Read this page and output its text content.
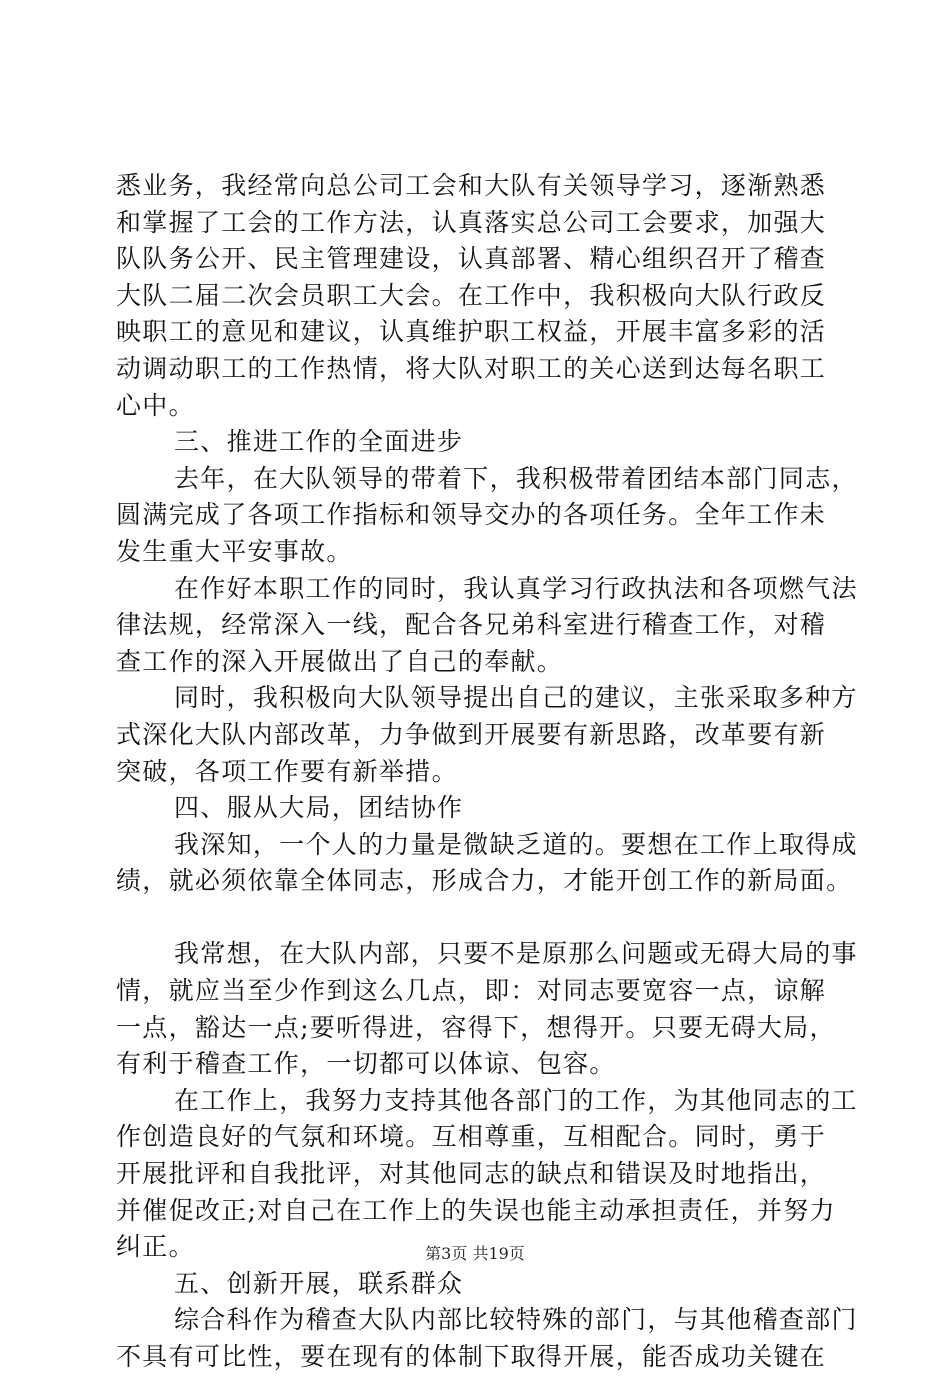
悉业务，我经常向总公司工会和大队有关领导学习，逐渐熟悉
和掌握了工会的工作方法，认真落实总公司工会要求，加强大
队队务公开、民主管理建设，认真部署、精心组织召开了稽查
大队二届二次会员职工大会。在工作中，我积极向大队行政反
映职工的意见和建议，认真维护职工权益，开展丰富多彩的活
动调动职工的工作热情，将大队对职工的关心送到达每名职工
心中。
三、推进工作的全面进步
去年，在大队领导的带着下，我积极带着团结本部门同志，
圆满完成了各项工作指标和领导交办的各项任务。全年工作未
发生重大平安事故。
在作好本职工作的同时，我认真学习行政执法和各项燃气法
律法规，经常深入一线，配合各兄弟科室进行稽查工作，对稽
查工作的深入开展做出了自己的奉献。
同时，我积极向大队领导提出自己的建议，主张采取多种方
式深化大队内部改革，力争做到开展要有新思路，改革要有新
突破，各项工作要有新举措。
四、服从大局，团结协作
我深知，一个人的力量是微缺乏道的。要想在工作上取得成
绩，就必须依靠全体同志，形成合力，才能开创工作的新局面。
我常想，在大队内部，只要不是原那么问题或无碍大局的事
情，就应当至少作到这么几点，即：对同志要宽容一点，谅解
一点，豁达一点;要听得进，容得下，想得开。只要无碍大局，
有利于稽查工作，一切都可以体谅、包容。
在工作上，我努力支持其他各部门的工作，为其他同志的工
作创造良好的气氛和环境。互相尊重，互相配合。同时，勇于
开展批评和自我批评，对其他同志的缺点和错误及时地指出，
并催促改正;对自己在工作上的失误也能主动承担责任，并努力
纠正。
五、创新开展，联系群众
综合科作为稽查大队内部比较特殊的部门，与其他稽查部门
不具有可比性，要在现有的体制下取得开展，能否成功关键在
第3页 共19页
